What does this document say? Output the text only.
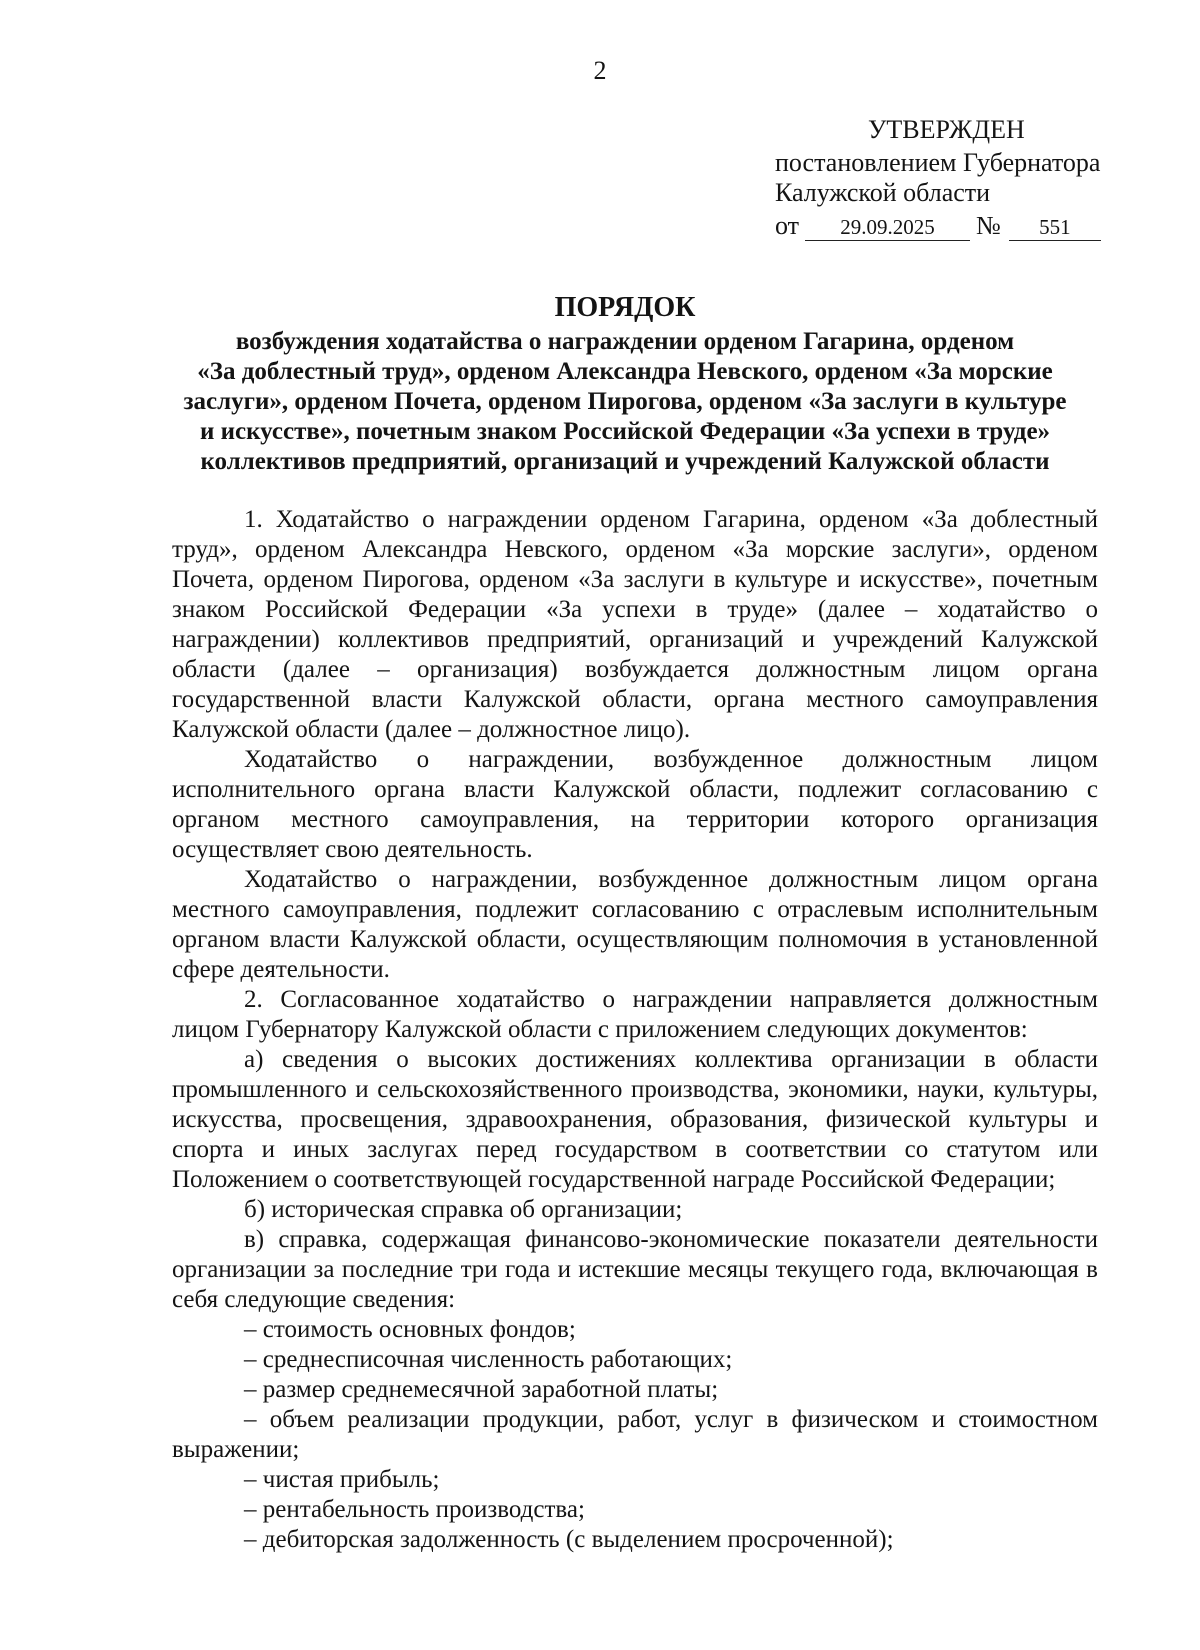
2
УТВЕРЖДЕН
постановлением Губернатора
Калужской области
от	29.09.2025	№	551
ПОРЯДОК
возбуждения ходатайства о награждении орденом Гагарина, орденом
«За доблестный труд», орденом Александра Невского, орденом «За морские
заслуги», орденом Почета, орденом Пирогова, орденом «За заслуги в культуре
и искусстве», почетным знаком Российской Федерации «За успехи в труде»
коллективов предприятий, организаций и учреждений Калужской области

1. Ходатайство о награждении орденом Гагарина, орденом «За доблестный труд», орденом Александра Невского, орденом «За морские заслуги», орденом Почета, орденом Пирогова, орденом «За заслуги в культуре и искусстве», почетным знаком Российской Федерации «За успехи в труде» (далее – ходатайство о награждении) коллективов предприятий, организаций и учреждений Калужской области (далее – организация) возбуждается должностным лицом органа государственной власти Калужской области, органа местного самоуправления Калужской области (далее – должностное лицо).

Ходатайство о награждении, возбужденное должностным лицом исполнительного органа власти Калужской области, подлежит согласованию с органом местного самоуправления, на территории которого организация осуществляет свою деятельность.

Ходатайство о награждении, возбужденное должностным лицом органа местного самоуправления, подлежит согласованию с отраслевым исполнительным органом власти Калужской области, осуществляющим полномочия в установленной сфере деятельности.

2. Согласованное ходатайство о награждении направляется должностным лицом Губернатору Калужской области с приложением следующих документов:

а) сведения о высоких достижениях коллектива организации в области промышленного и сельскохозяйственного производства, экономики, науки, культуры, искусства, просвещения, здравоохранения, образования, физической культуры и спорта и иных заслугах перед государством в соответствии со статутом или Положением о соответствующей государственной награде Российской Федерации;

б) историческая справка об организации;

в) справка, содержащая финансово-экономические показатели деятельности организации за последние три года и истекшие месяцы текущего года, включающая в себя следующие сведения:

– стоимость основных фондов;

– среднесписочная численность работающих;

– размер среднемесячной заработной платы;

– объем реализации продукции, работ, услуг в физическом и стоимостном выражении;

– чистая прибыль;

– рентабельность производства;

– дебиторская задолженность (с выделением просроченной);
